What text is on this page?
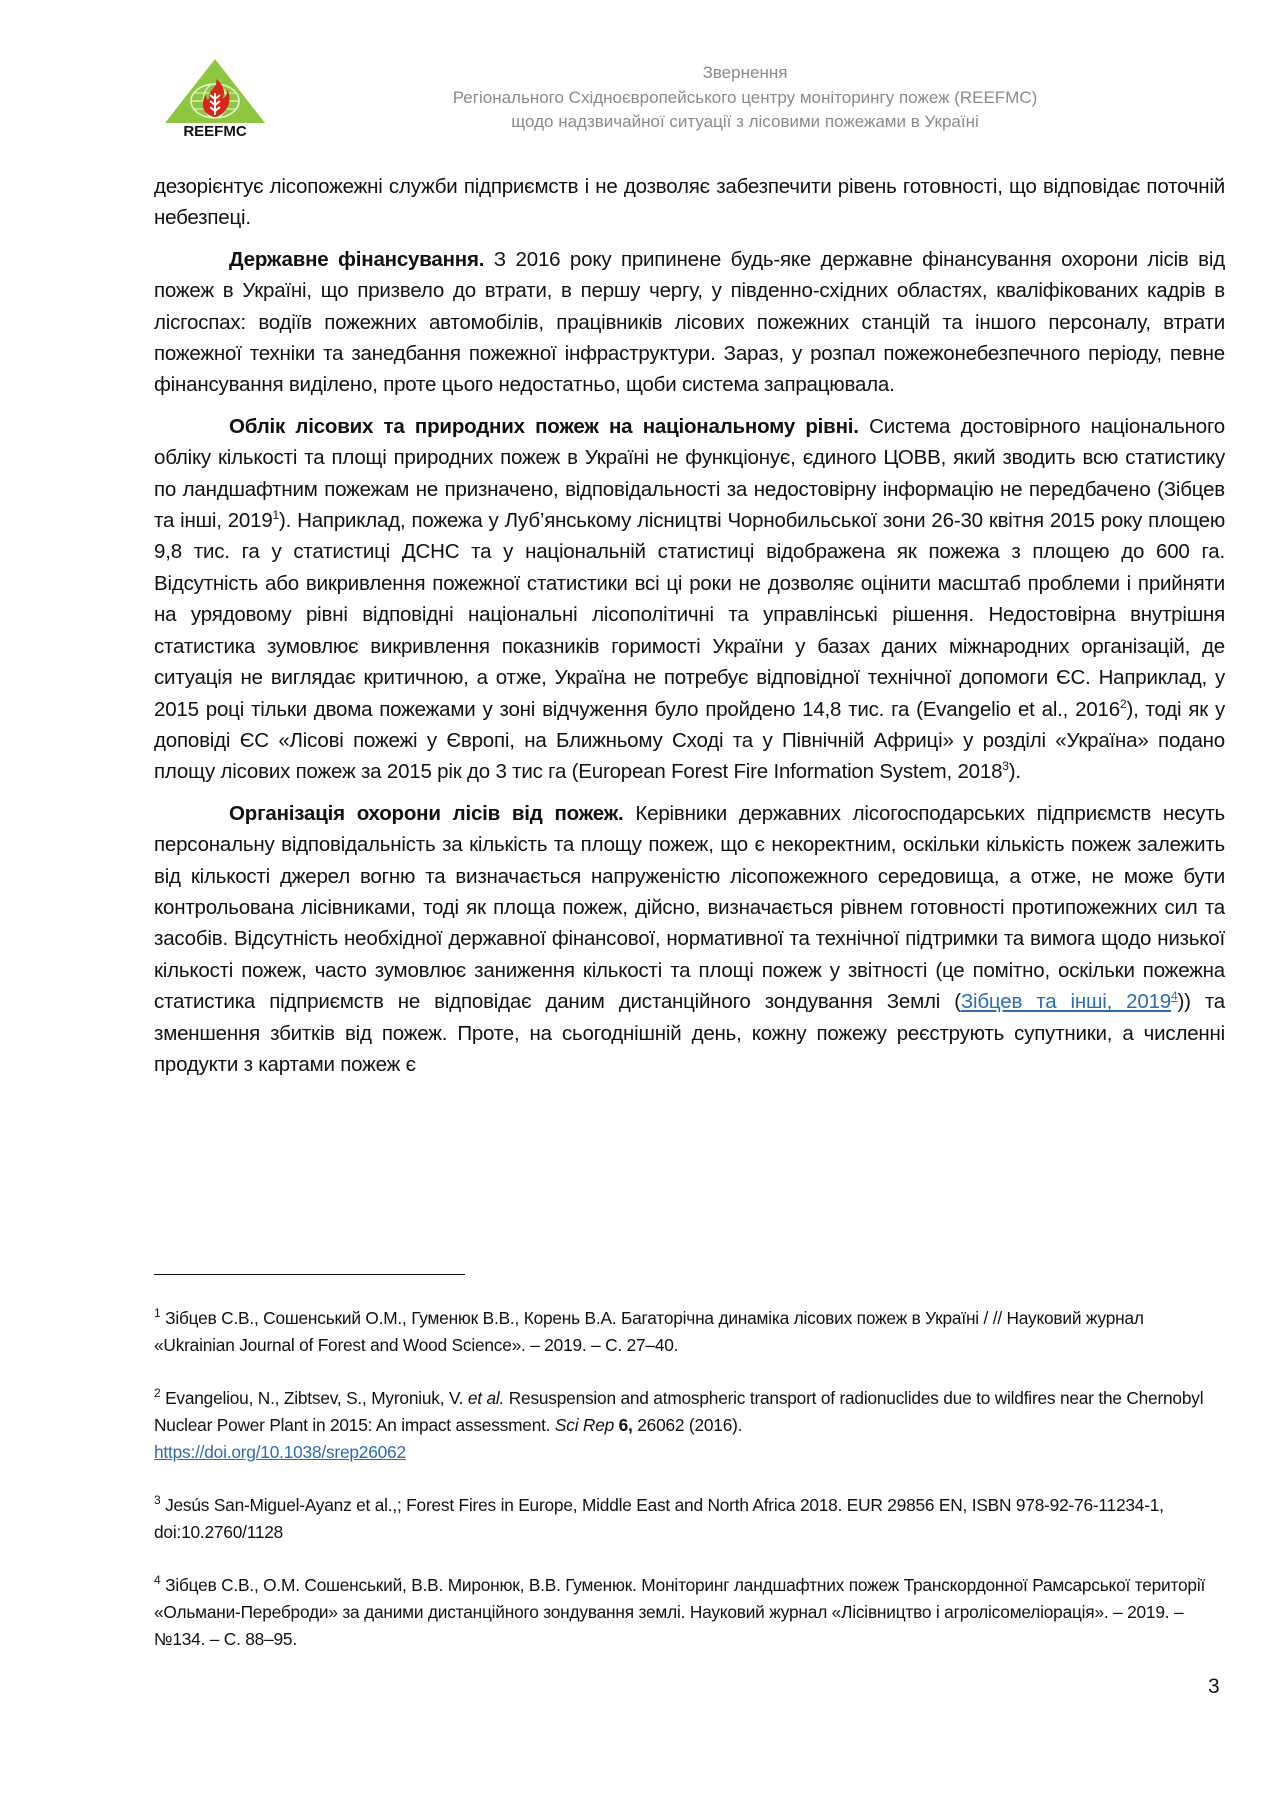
REEFMC
Звернення
Регіонального Східноєвропейського центру моніторингу пожеж (REEFMC)
щодо надзвичайної ситуації з лісовими пожежами в Україні

дезорієнтує лісопожежні служби підприємств і не дозволяє забезпечити рівень готовності, що відповідає поточній небезпеці.

Державне фінансування. З 2016 року припинене будь-яке державне фінансування охорони лісів від пожеж в Україні, що призвело до втрати, в першу чергу, у південно-східних областях, кваліфікованих кадрів в лісгоспах: водіїв пожежних автомобілів, працівників лісових пожежних станцій та іншого персоналу, втрати пожежної техніки та занедбання пожежної інфраструктури. Зараз, у розпал пожежонебезпечного періоду, певне фінансування виділено, проте цього недостатньо, щоби система запрацювала.

Облік лісових та природних пожеж на національному рівні. Система достовірного національного обліку кількості та площі природних пожеж в Україні не функціонує, єдиного ЦОВВ, який зводить всю статистику по ландшафтним пожежам не призначено, відповідальності за недостовірну інформацію не передбачено (Зібцев та інші, 2019$^1$). Наприклад, пожежа у Луб’янському лісництві Чорнобильської зони 26-30 квітня 2015 року площею 9,8 тис. га у статистиці ДСНС та у національній статистиці відображена як пожежа з площею до 600 га. Відсутність або викривлення пожежної статистики всі ці роки не дозволяє оцінити масштаб проблеми і прийняти на урядовому рівні відповідні національні лісополітичні та управлінські рішення. Недостовірна внутрішня статистика зумовлює викривлення показників горимості України у базах даних міжнародних організацій, де ситуація не виглядає критичною, а отже, Україна не потребує відповідної технічної допомоги ЄС. Наприклад, у 2015 році тільки двома пожежами у зоні відчуження було пройдено 14,8 тис. га (Evangelio et al., 2016$^2$), тоді як у доповіді ЄС «Лісові пожежі у Європі, на Ближньому Сході та у Північній Африці» у розділі «Україна» подано площу лісових пожеж за 2015 рік до 3 тис га (European Forest Fire Information System, 2018$^3$).

Організація охорони лісів від пожеж. Керівники державних лісогосподарських підприємств несуть персональну відповідальність за кількість та площу пожеж, що є некоректним, оскільки кількість пожеж залежить від кількості джерел вогню та визначається напруженістю лісопожежного середовища, а отже, не може бути контрольована лісівниками, тоді як площа пожеж, дійсно, визначається рівнем готовності протипожежних сил та засобів. Відсутність необхідної державної фінансової, нормативної та технічної підтримки та вимога щодо низької кількості пожеж, часто зумовлює заниження кількості та площі пожеж у звітності (це помітно, оскільки пожежна статистика підприємств не відповідає даним дистанційного зондування Землі (Зібцев та інші, 2019$^4$)) та зменшення збитків від пожеж. Проте, на сьогоднішній день, кожну пожежу реєструють супутники, а численні продукти з картами пожеж є

$^1$ Зібцев С.В., Сошенський О.М., Гуменюк В.В., Корень В.А. Багаторічна динаміка лісових пожеж в Україні / // Науковий журнал «Ukrainian Journal of Forest and Wood Science». – 2019. – С. 27–40.

$^2$ Evangeliou, N., Zibtsev, S., Myroniuk, V. et al. Resuspension and atmospheric transport of radionuclides due to wildfires near the Chernobyl Nuclear Power Plant in 2015: An impact assessment. Sci Rep 6, 26062 (2016).
https://doi.org/10.1038/srep26062

$^3$ Jesús San-Miguel-Ayanz et al.,; Forest Fires in Europe, Middle East and North Africa 2018. EUR 29856 EN, ISBN 978-92-76-11234-1, doi:10.2760/1128

$^4$ Зібцев С.В., О.М. Сошенський, В.В. Миронюк, В.В. Гуменюк. Моніторинг ландшафтних пожеж Транскордонної Рамсарської території «Ольмани-Переброди» за даними дистанційного зондування землі. Науковий журнал «Лісівництво і агролісомеліорація». – 2019. – №134. – С. 88–95.

3
